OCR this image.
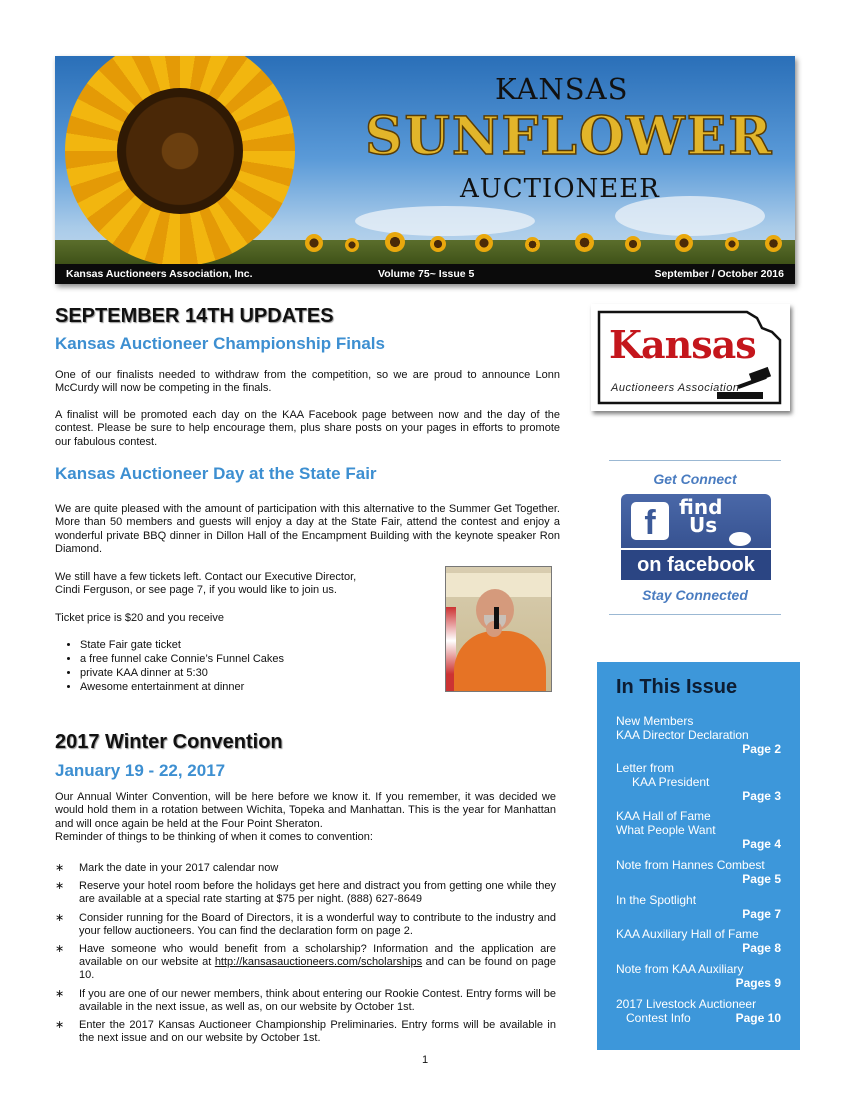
KANSAS
SUNFLOWER
AUCTIONEER
Kansas Auctioneers Association, Inc.	Volume 75~ Issue 5	September / October 2016
SEPTEMBER 14TH UPDATES
Kansas Auctioneer Championship Finals

One of our finalists needed to withdraw from the competition, so we are proud to announce Lonn McCurdy will now be competing in the finals.

A finalist will be promoted each day on the KAA Facebook page between now and the day of the contest. Please be sure to help encourage them, plus share posts on your pages in efforts to promote our fabulous contest.

Kansas Auctioneer Day at the State Fair

We are quite pleased with the amount of participation with this alternative to the Summer Get Together. More than 50 members and guests will enjoy a day at the State Fair, attend the contest and enjoy a wonderful private BBQ dinner in Dillon Hall of the Encampment Building with the keynote speaker Ron Diamond.

We still have a few tickets left. Contact our Executive Director,
Cindi Ferguson, or see page 7, if you would like to join us.

Ticket price is $20 and you receive

• State Fair gate ticket
• a free funnel cake Connie’s Funnel Cakes
• private KAA dinner at 5:30
• Awesome entertainment at dinner
2017 Winter Convention
January 19 - 22, 2017

Our Annual Winter Convention, will be here before we know it. If you remember, it was decided we would hold them in a rotation between Wichita, Topeka and Manhattan. This is the year for Manhattan and will once again be held at the Four Point Sheraton.
Reminder of things to be thinking of when it comes to convention:

∗ Mark the date in your 2017 calendar now
∗ Reserve your hotel room before the holidays get here and distract you from getting one while they are available at a special rate starting at $75 per night. (888) 627-8649
∗ Consider running for the Board of Directors, it is a wonderful way to contribute to the industry and your fellow auctioneers. You can find the declaration form on page 2.
∗ Have someone who would benefit from a scholarship? Information and the application are available on our website at http://kansasauctioneers.com/scholarships and can be found on page 10.
∗ If you are one of our newer members, think about entering our Rookie Contest. Entry forms will be available in the next issue, as well as, on our website by October 1st.
∗ Enter the 2017 Kansas Auctioneer Championship Preliminaries. Entry forms will be available in the next issue and on our website by October 1st.
Kansas
Auctioneers Association
Get Connect
f	find
Us
on facebook
Stay Connected
In This Issue
New Members
KAA Director Declaration
Page 2
Letter from
KAA President
Page 3
KAA Hall of Fame
What People Want
Page 4
Note from Hannes Combest
Page 5
In the Spotlight
Page 7
KAA Auxiliary Hall of Fame
Page 8
Note from KAA Auxiliary
Pages 9
2017 Livestock Auctioneer
Contest Info	Page 10
1
